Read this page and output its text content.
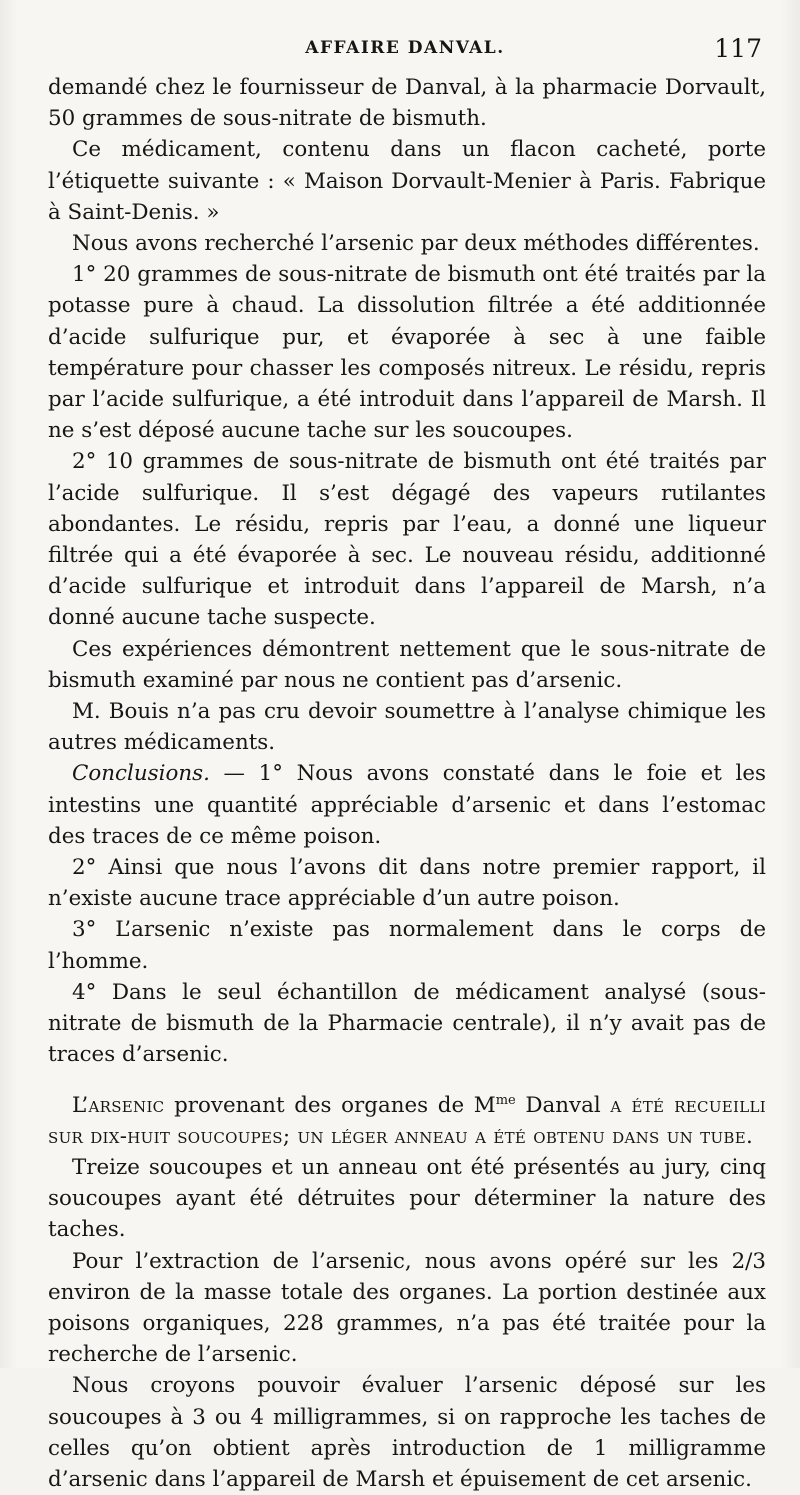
AFFAIRE DANVAL.	117

demandé chez le fournisseur de Danval, à la pharmacie Dorvault, 50 grammes de sous-nitrate de bismuth.

Ce médicament, contenu dans un flacon cacheté, porte l’étiquette suivante : « Maison Dorvault-Menier à Paris. Fabrique à Saint-Denis. »

Nous avons recherché l’arsenic par deux méthodes différentes.

1° 20 grammes de sous-nitrate de bismuth ont été traités par la potasse pure à chaud. La dissolution filtrée a été additionnée d’acide sulfurique pur, et évaporée à sec à une faible température pour chasser les composés nitreux. Le résidu, repris par l’acide sulfurique, a été introduit dans l’appareil de Marsh. Il ne s’est déposé aucune tache sur les soucoupes.

2° 10 grammes de sous-nitrate de bismuth ont été traités par l’acide sulfurique. Il s’est dégagé des vapeurs rutilantes abondantes. Le résidu, repris par l’eau, a donné une liqueur filtrée qui a été évaporée à sec. Le nouveau résidu, additionné d’acide sulfurique et introduit dans l’appareil de Marsh, n’a donné aucune tache suspecte.

Ces expériences démontrent nettement que le sous-nitrate de bismuth examiné par nous ne contient pas d’arsenic.

M. Bouis n’a pas cru devoir soumettre à l’analyse chimique les autres médicaments.

Conclusions. — 1° Nous avons constaté dans le foie et les intestins une quantité appréciable d’arsenic et dans l’estomac des traces de ce même poison.

2° Ainsi que nous l’avons dit dans notre premier rapport, il n’existe aucune trace appréciable d’un autre poison.

3° L’arsenic n’existe pas normalement dans le corps de l’homme.

4° Dans le seul échantillon de médicament analysé (sous-nitrate de bismuth de la Pharmacie centrale), il n’y avait pas de traces d’arsenic.

L’arsenic provenant des organes de $M^{me}$ Danval a été recueilli sur dix-huit soucoupes; un léger anneau a été obtenu dans un tube.

Treize soucoupes et un anneau ont été présentés au jury, cinq soucoupes ayant été détruites pour déterminer la nature des taches.

Pour l’extraction de l’arsenic, nous avons opéré sur les 2/3 environ de la masse totale des organes. La portion destinée aux poisons organiques, 228 grammes, n’a pas été traitée pour la recherche de l’arsenic.

Nous croyons pouvoir évaluer l’arsenic déposé sur les soucoupes à 3 ou 4 milligrammes, si on rapproche les taches de celles qu’on obtient après introduction de 1 milligramme d’arsenic dans l’appareil de Marsh et épuisement de cet arsenic.
